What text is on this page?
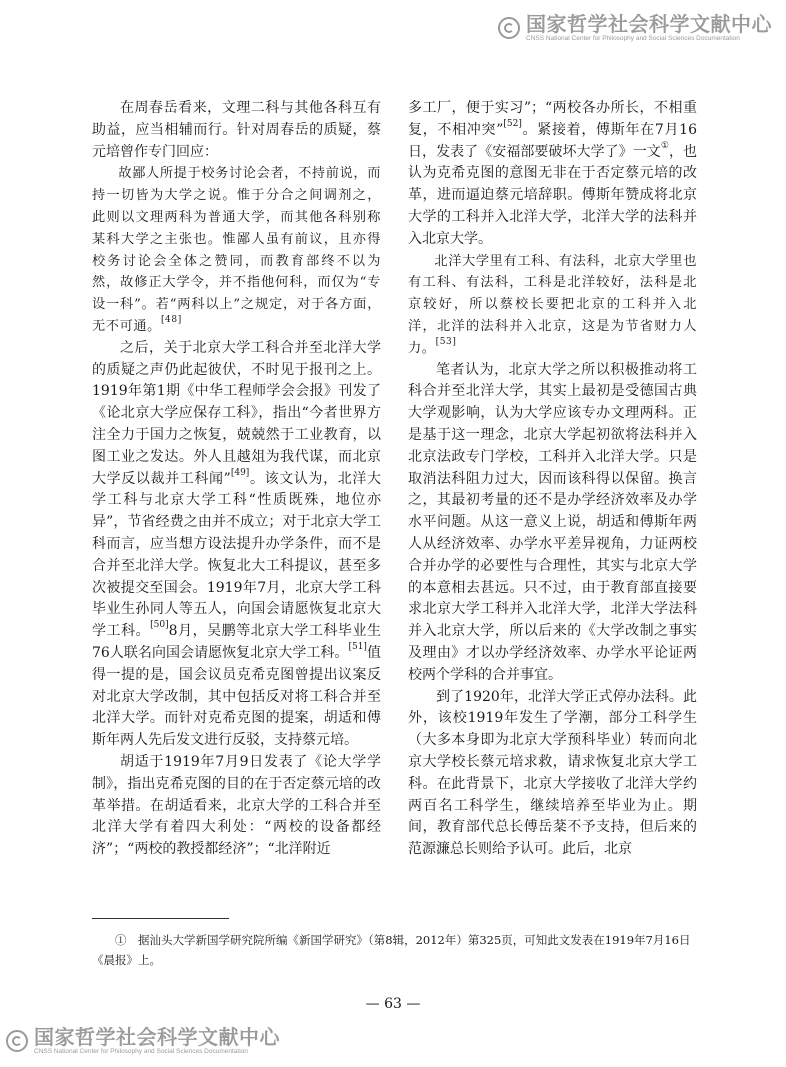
国家哲学社会科学文献中心
CNSS National Center for Philosophy and Social Sciences Documentation

在周春岳看来，文理二科与其他各科互有助益，应当相辅而行。针对周春岳的质疑，蔡元培曾作专门回应：

故鄙人所提于校务讨论会者，不持前说，而持一切皆为大学之说。惟于分合之间调剂之，此则以文理两科为普通大学，而其他各科别称某科大学之主张也。惟鄙人虽有前议，且亦得校务讨论会全体之赞同，而教育部终不以为然，故修正大学令，并不指他何科，而仅为“专设一科”。若“两科以上”之规定，对于各方面，无不可通。[48]

之后，关于北京大学工科合并至北洋大学的质疑之声仍此起彼伏，不时见于报刊之上。1919年第1期《中华工程师学会会报》刊发了《论北京大学应保存工科》，指出“今者世界方注全力于国力之恢复，兢兢然于工业教育，以图工业之发达。外人且越俎为我代谋，而北京大学反以裁并工科闻”[49]。该文认为，北洋大学工科与北京大学工科“性质既殊，地位亦异”，节省经费之由并不成立；对于北京大学工科而言，应当想方设法提升办学条件，而不是合并至北洋大学。恢复北大工科提议，甚至多次被提交至国会。1919年7月，北京大学工科毕业生孙同人等五人，向国会请愿恢复北京大学工科。[50]8月，吴鹏等北京大学工科毕业生76人联名向国会请愿恢复北京大学工科。[51]值得一提的是，国会议员克希克图曾提出议案反对北京大学改制，其中包括反对将工科合并至北洋大学。而针对克希克图的提案，胡适和傅斯年两人先后发文进行反驳，支持蔡元培。

胡适于1919年7月9日发表了《论大学学制》，指出克希克图的目的在于否定蔡元培的改革举措。在胡适看来，北京大学的工科合并至北洋大学有着四大利处：“两校的设备都经济”；“两校的教授都经济”；“北洋附近

多工厂，便于实习”；“两校各办所长，不相重复，不相冲突”[52]。紧接着，傅斯年在7月16日，发表了《安福部要破坏大学了》一文①，也认为克希克图的意图无非在于否定蔡元培的改革，进而逼迫蔡元培辞职。傅斯年赞成将北京大学的工科并入北洋大学，北洋大学的法科并入北京大学。

北洋大学里有工科、有法科，北京大学里也有工科、有法科，工科是北洋较好，法科是北京较好，所以蔡校长要把北京的工科并入北洋，北洋的法科并入北京，这是为节省财力人力。[53]

笔者认为，北京大学之所以积极推动将工科合并至北洋大学，其实上最初是受德国古典大学观影响，认为大学应该专办文理两科。正是基于这一理念，北京大学起初欲将法科并入北京法政专门学校，工科并入北洋大学。只是取消法科阻力过大，因而该科得以保留。换言之，其最初考量的还不是办学经济效率及办学水平问题。从这一意义上说，胡适和傅斯年两人从经济效率、办学水平差异视角，力证两校合并办学的必要性与合理性，其实与北京大学的本意相去甚远。只不过，由于教育部直接要求北京大学工科并入北洋大学，北洋大学法科并入北京大学，所以后来的《大学改制之事实及理由》才以办学经济效率、办学水平论证两校两个学科的合并事宜。

到了1920年，北洋大学正式停办法科。此外，该校1919年发生了学潮，部分工科学生（大多本身即为北京大学预科毕业）转而向北京大学校长蔡元培求救，请求恢复北京大学工科。在此背景下，北京大学接收了北洋大学约两百名工科学生，继续培养至毕业为止。期间，教育部代总长傅岳棻不予支持，但后来的范源濂总长则给予认可。此后，北京

①　据汕头大学新国学研究院所编《新国学研究》（第8辑，2012年）第325页，可知此文发表在1919年7月16日《晨报》上。
— 63 —
国家哲学社会科学文献中心
CNSS National Center for Philosophy and Social Sciences Documentation
